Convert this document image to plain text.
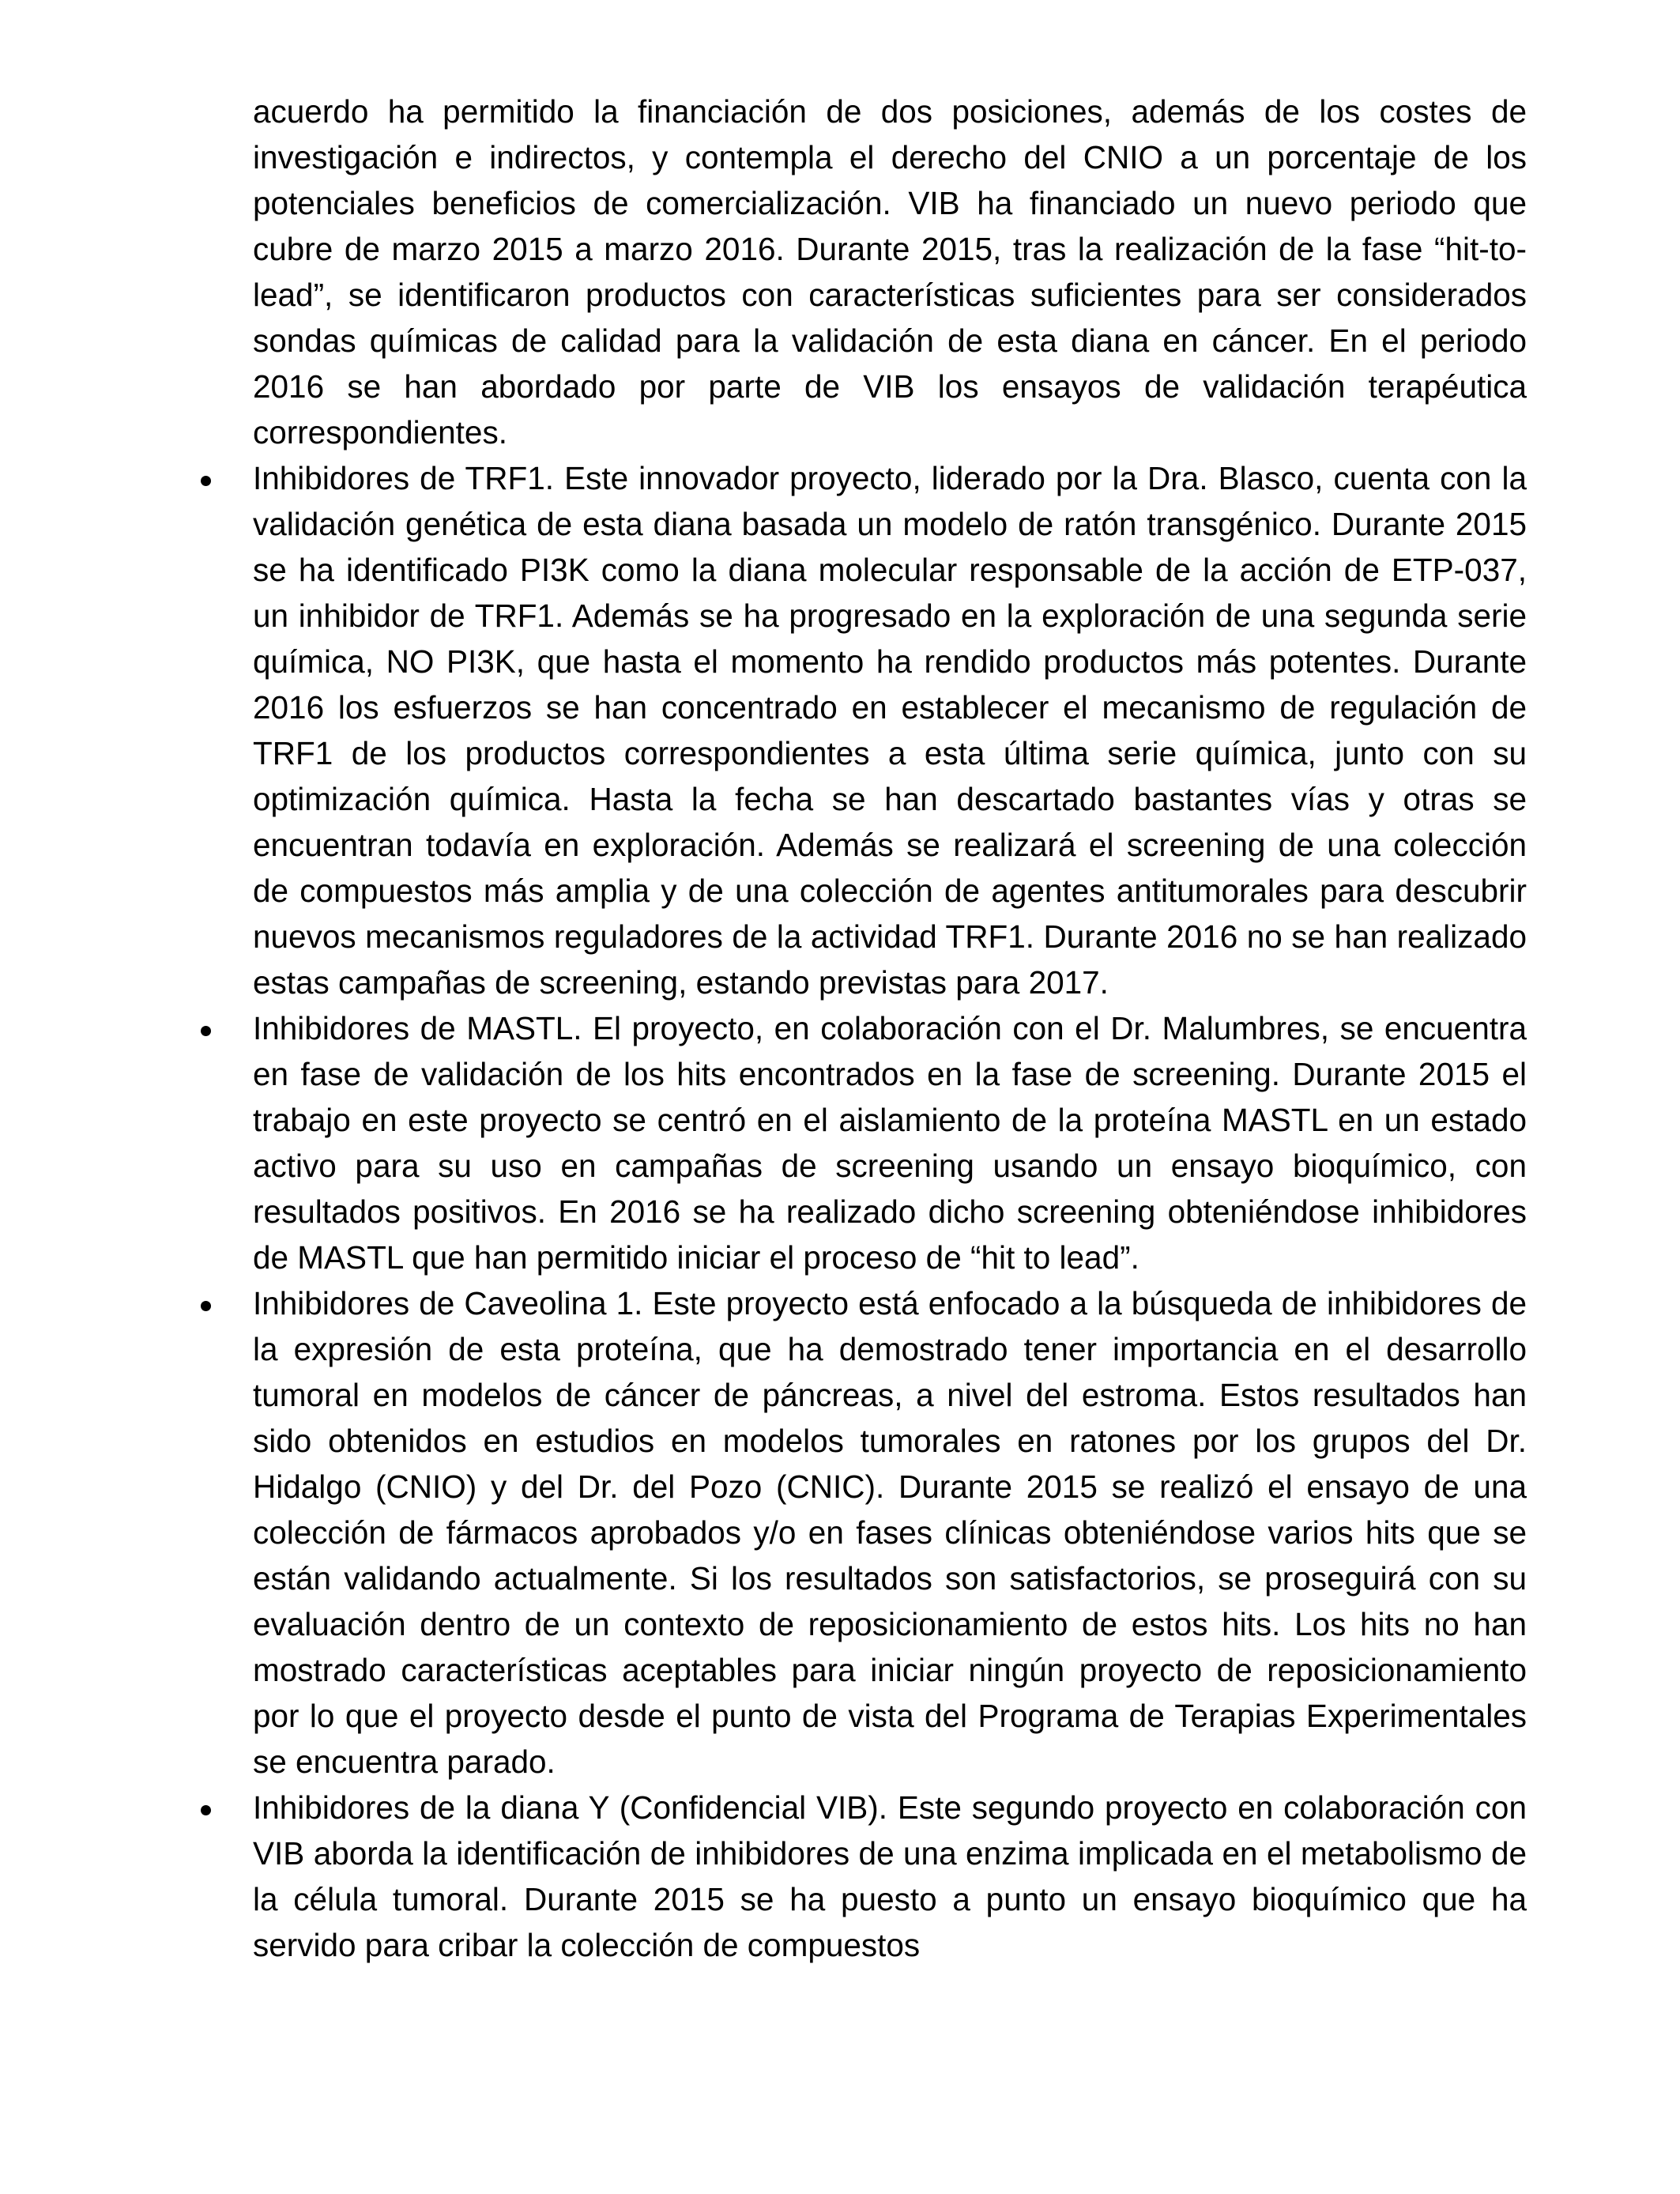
acuerdo ha permitido la financiación de dos posiciones, además de los costes de investigación e indirectos, y contempla el derecho del CNIO a un porcentaje de los potenciales beneficios de comercialización. VIB ha financiado un nuevo periodo que cubre de marzo 2015 a marzo 2016. Durante 2015, tras la realización de la fase “hit-to-lead”, se identificaron productos con características suficientes para ser considerados sondas químicas de calidad para la validación de esta diana en cáncer. En el periodo 2016 se han abordado por parte de VIB los ensayos de validación terapéutica correspondientes.

Inhibidores de TRF1. Este innovador proyecto, liderado por la Dra. Blasco, cuenta con la validación genética de esta diana basada un modelo de ratón transgénico. Durante 2015 se ha identificado PI3K como la diana molecular responsable de la acción de ETP-037, un inhibidor de TRF1. Además se ha progresado en la exploración de una segunda serie química, NO PI3K, que hasta el momento ha rendido productos más potentes. Durante 2016 los esfuerzos se han concentrado en establecer el mecanismo de regulación de TRF1 de los productos correspondientes a esta última serie química, junto con su optimización química. Hasta la fecha se han descartado bastantes vías y otras se encuentran todavía en exploración. Además se realizará el screening de una colección de compuestos más amplia y de una colección de agentes antitumorales para descubrir nuevos mecanismos reguladores de la actividad TRF1. Durante 2016 no se han realizado estas campañas de screening, estando previstas para 2017.
Inhibidores de MASTL. El proyecto, en colaboración con el Dr. Malumbres, se encuentra en fase de validación de los hits encontrados en la fase de screening. Durante 2015 el trabajo en este proyecto se centró en el aislamiento de la proteína MASTL en un estado activo para su uso en campañas de screening usando un ensayo bioquímico, con resultados positivos. En 2016 se ha realizado dicho screening obteniéndose inhibidores de MASTL que han permitido iniciar el proceso de “hit to lead”.
Inhibidores de Caveolina 1. Este proyecto está enfocado a la búsqueda de inhibidores de la expresión de esta proteína, que ha demostrado tener importancia en el desarrollo tumoral en modelos de cáncer de páncreas, a nivel del estroma. Estos resultados han sido obtenidos en estudios en modelos tumorales en ratones por los grupos del Dr. Hidalgo (CNIO) y del Dr. del Pozo (CNIC). Durante 2015 se realizó el ensayo de una colección de fármacos aprobados y/o en fases clínicas obteniéndose varios hits que se están validando actualmente. Si los resultados son satisfactorios, se proseguirá con su evaluación dentro de un contexto de reposicionamiento de estos hits. Los hits no han mostrado características aceptables para iniciar ningún proyecto de reposicionamiento por lo que el proyecto desde el punto de vista del Programa de Terapias Experimentales se encuentra parado.
Inhibidores de la diana Y (Confidencial VIB). Este segundo proyecto en colaboración con VIB aborda la identificación de inhibidores de una enzima implicada en el metabolismo de la célula tumoral. Durante 2015 se ha puesto a punto un ensayo bioquímico que ha servido para cribar la colección de compuestos
